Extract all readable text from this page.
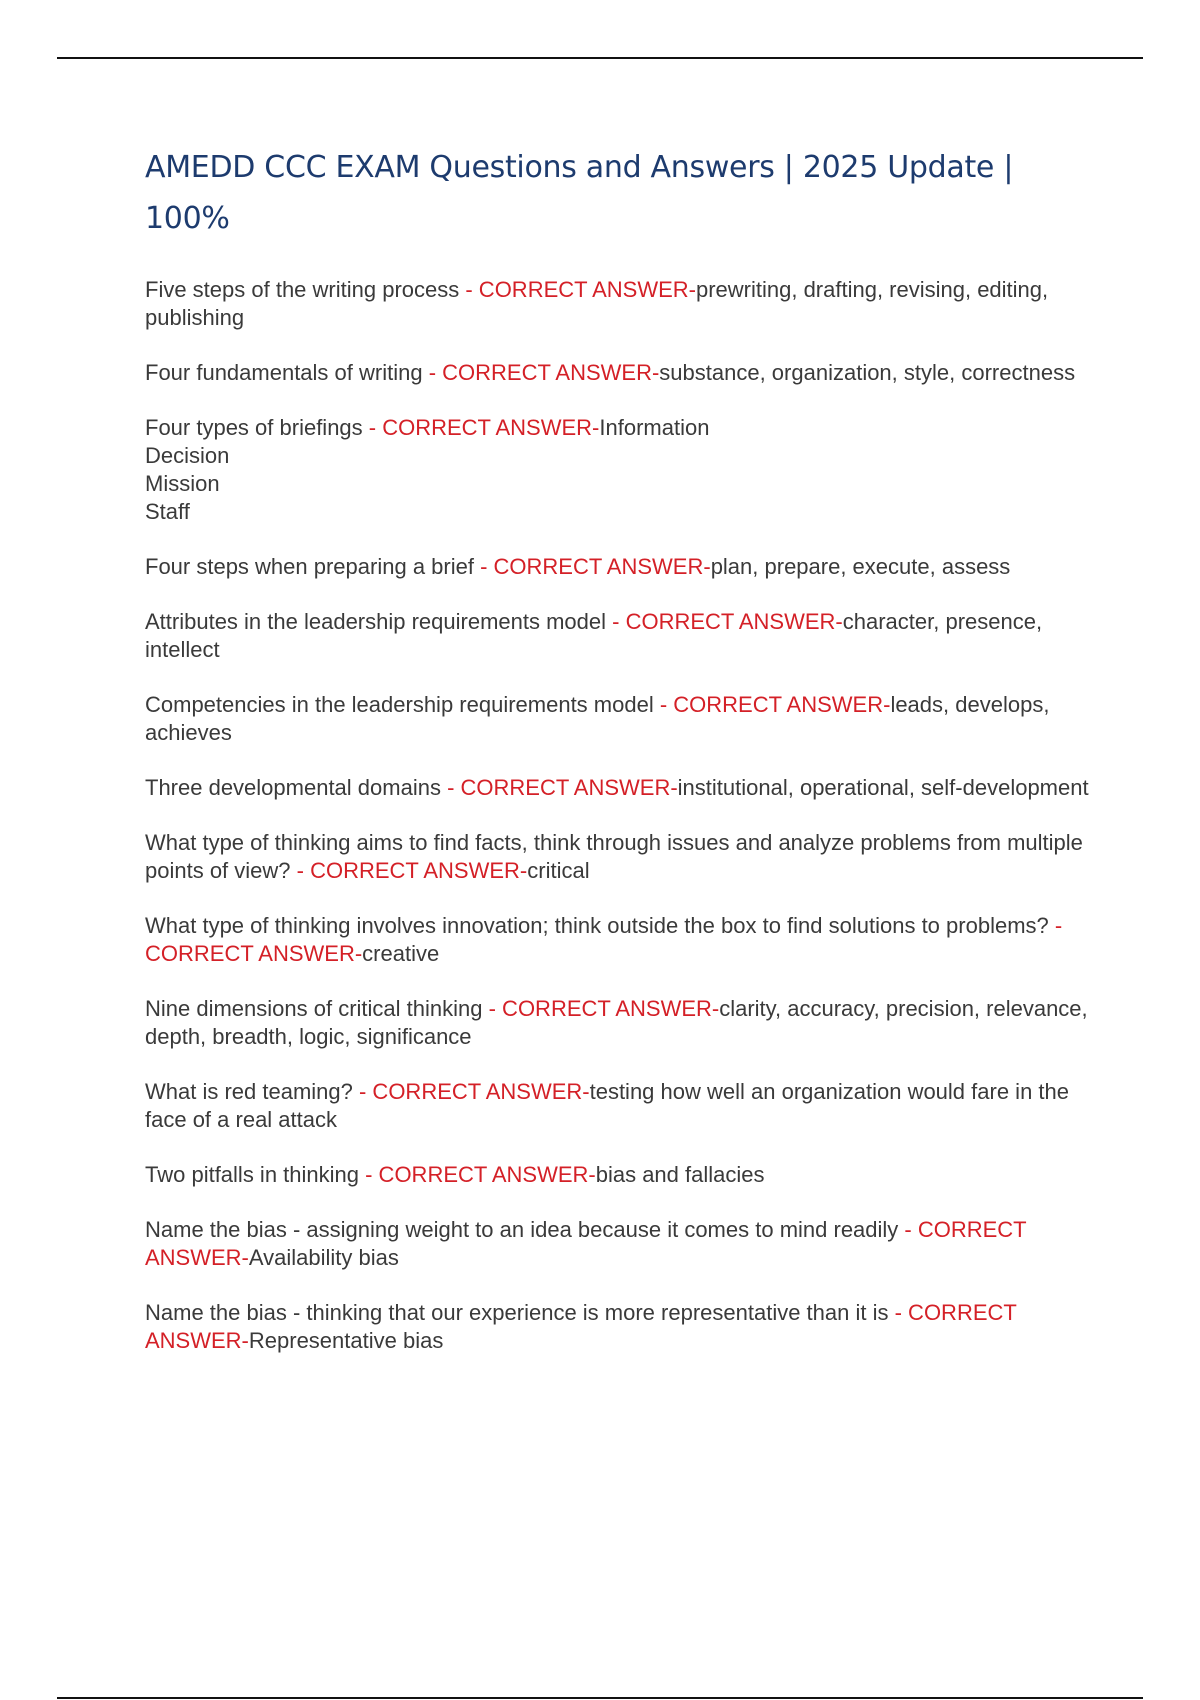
AMEDD CCC EXAM Questions and Answers | 2025 Update | 100%
Five steps of the writing process - CORRECT ANSWER-prewriting, drafting, revising, editing, publishing
Four fundamentals of writing - CORRECT ANSWER-substance, organization, style, correctness
Four types of briefings - CORRECT ANSWER-Information
Decision
Mission
Staff
Four steps when preparing a brief - CORRECT ANSWER-plan, prepare, execute, assess
Attributes in the leadership requirements model - CORRECT ANSWER-character, presence, intellect
Competencies in the leadership requirements model - CORRECT ANSWER-leads, develops, achieves
Three developmental domains - CORRECT ANSWER-institutional, operational, self-development
What type of thinking aims to find facts, think through issues and analyze problems from multiple points of view? - CORRECT ANSWER-critical
What type of thinking involves innovation; think outside the box to find solutions to problems? - CORRECT ANSWER-creative
Nine dimensions of critical thinking - CORRECT ANSWER-clarity, accuracy, precision, relevance, depth, breadth, logic, significance
What is red teaming? - CORRECT ANSWER-testing how well an organization would fare in the face of a real attack
Two pitfalls in thinking - CORRECT ANSWER-bias and fallacies
Name the bias - assigning weight to an idea because it comes to mind readily - CORRECT ANSWER-Availability bias
Name the bias - thinking that our experience is more representative than it is - CORRECT ANSWER-Representative bias
